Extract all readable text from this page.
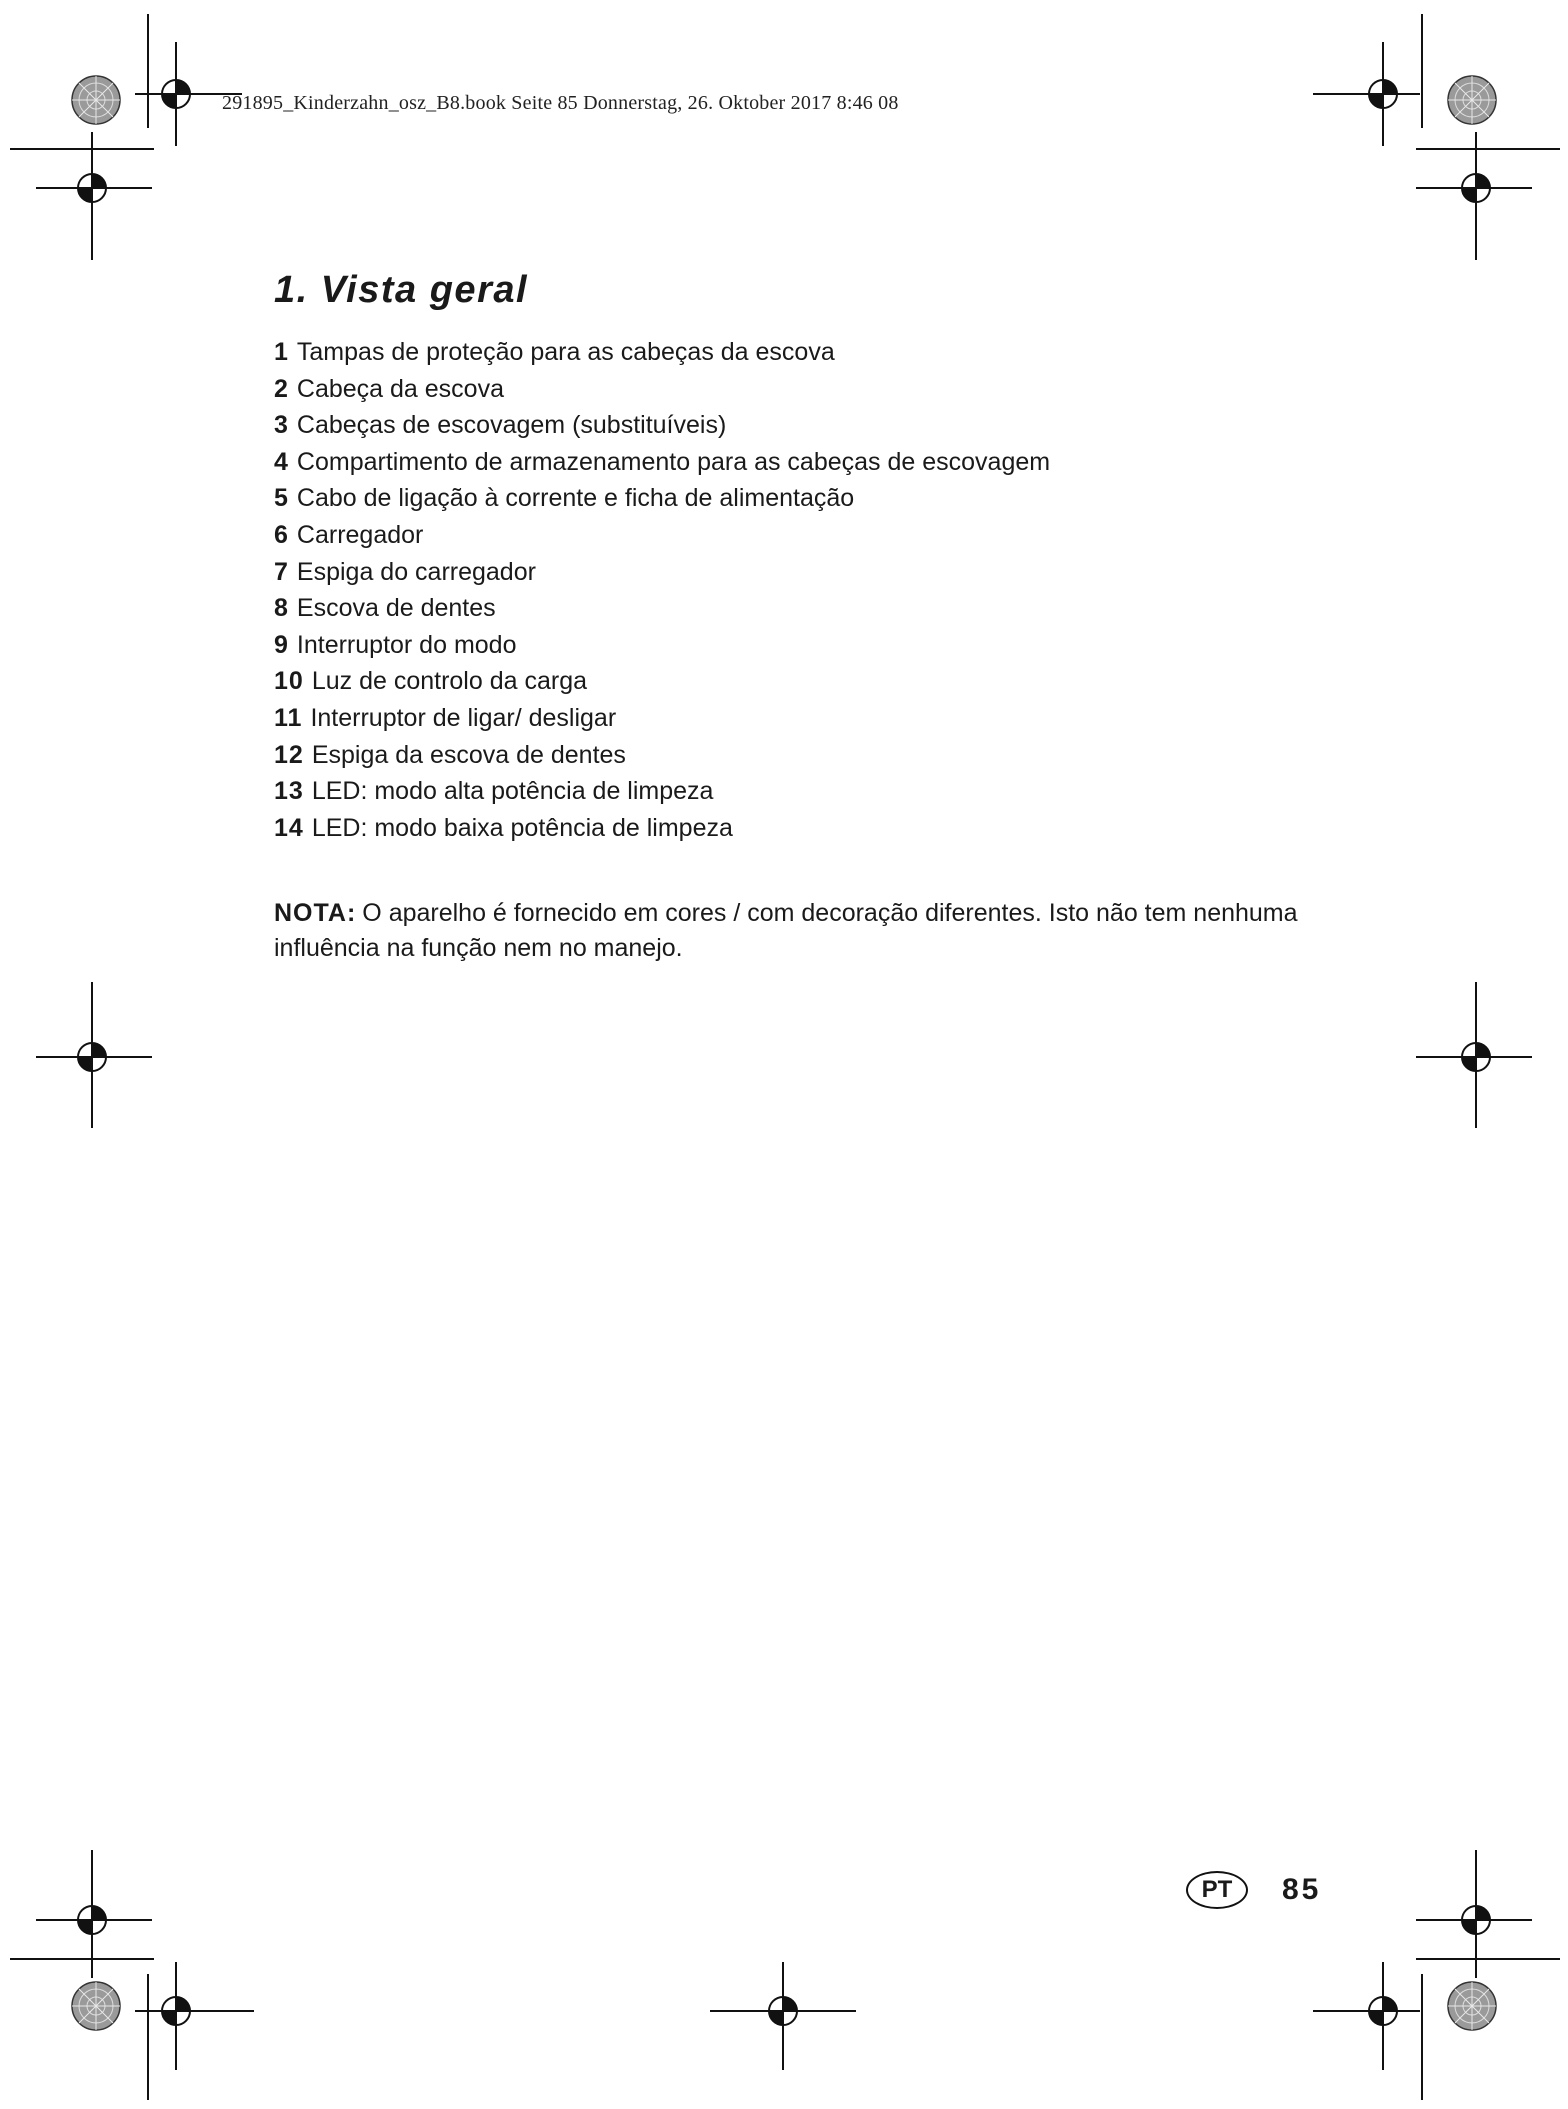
291895_Kinderzahn_osz_B8.book Seite 85 Donnerstag, 26. Oktober 2017 8:46 08
1. Vista geral
1 Tampas de proteção para as cabeças da escova
2 Cabeça da escova
3 Cabeças de escovagem (substituíveis)
4 Compartimento de armazenamento para as cabeças de escovagem
5 Cabo de ligação à corrente e ficha de alimentação
6 Carregador
7 Espiga do carregador
8 Escova de dentes
9 Interruptor do modo
10 Luz de controlo da carga
11 Interruptor de ligar/ desligar
12 Espiga da escova de dentes
13 LED: modo alta potência de limpeza
14 LED: modo baixa potência de limpeza
NOTA: O aparelho é fornecido em cores / com decoração diferentes. Isto não tem nenhuma influência na função nem no manejo.
PT 85
